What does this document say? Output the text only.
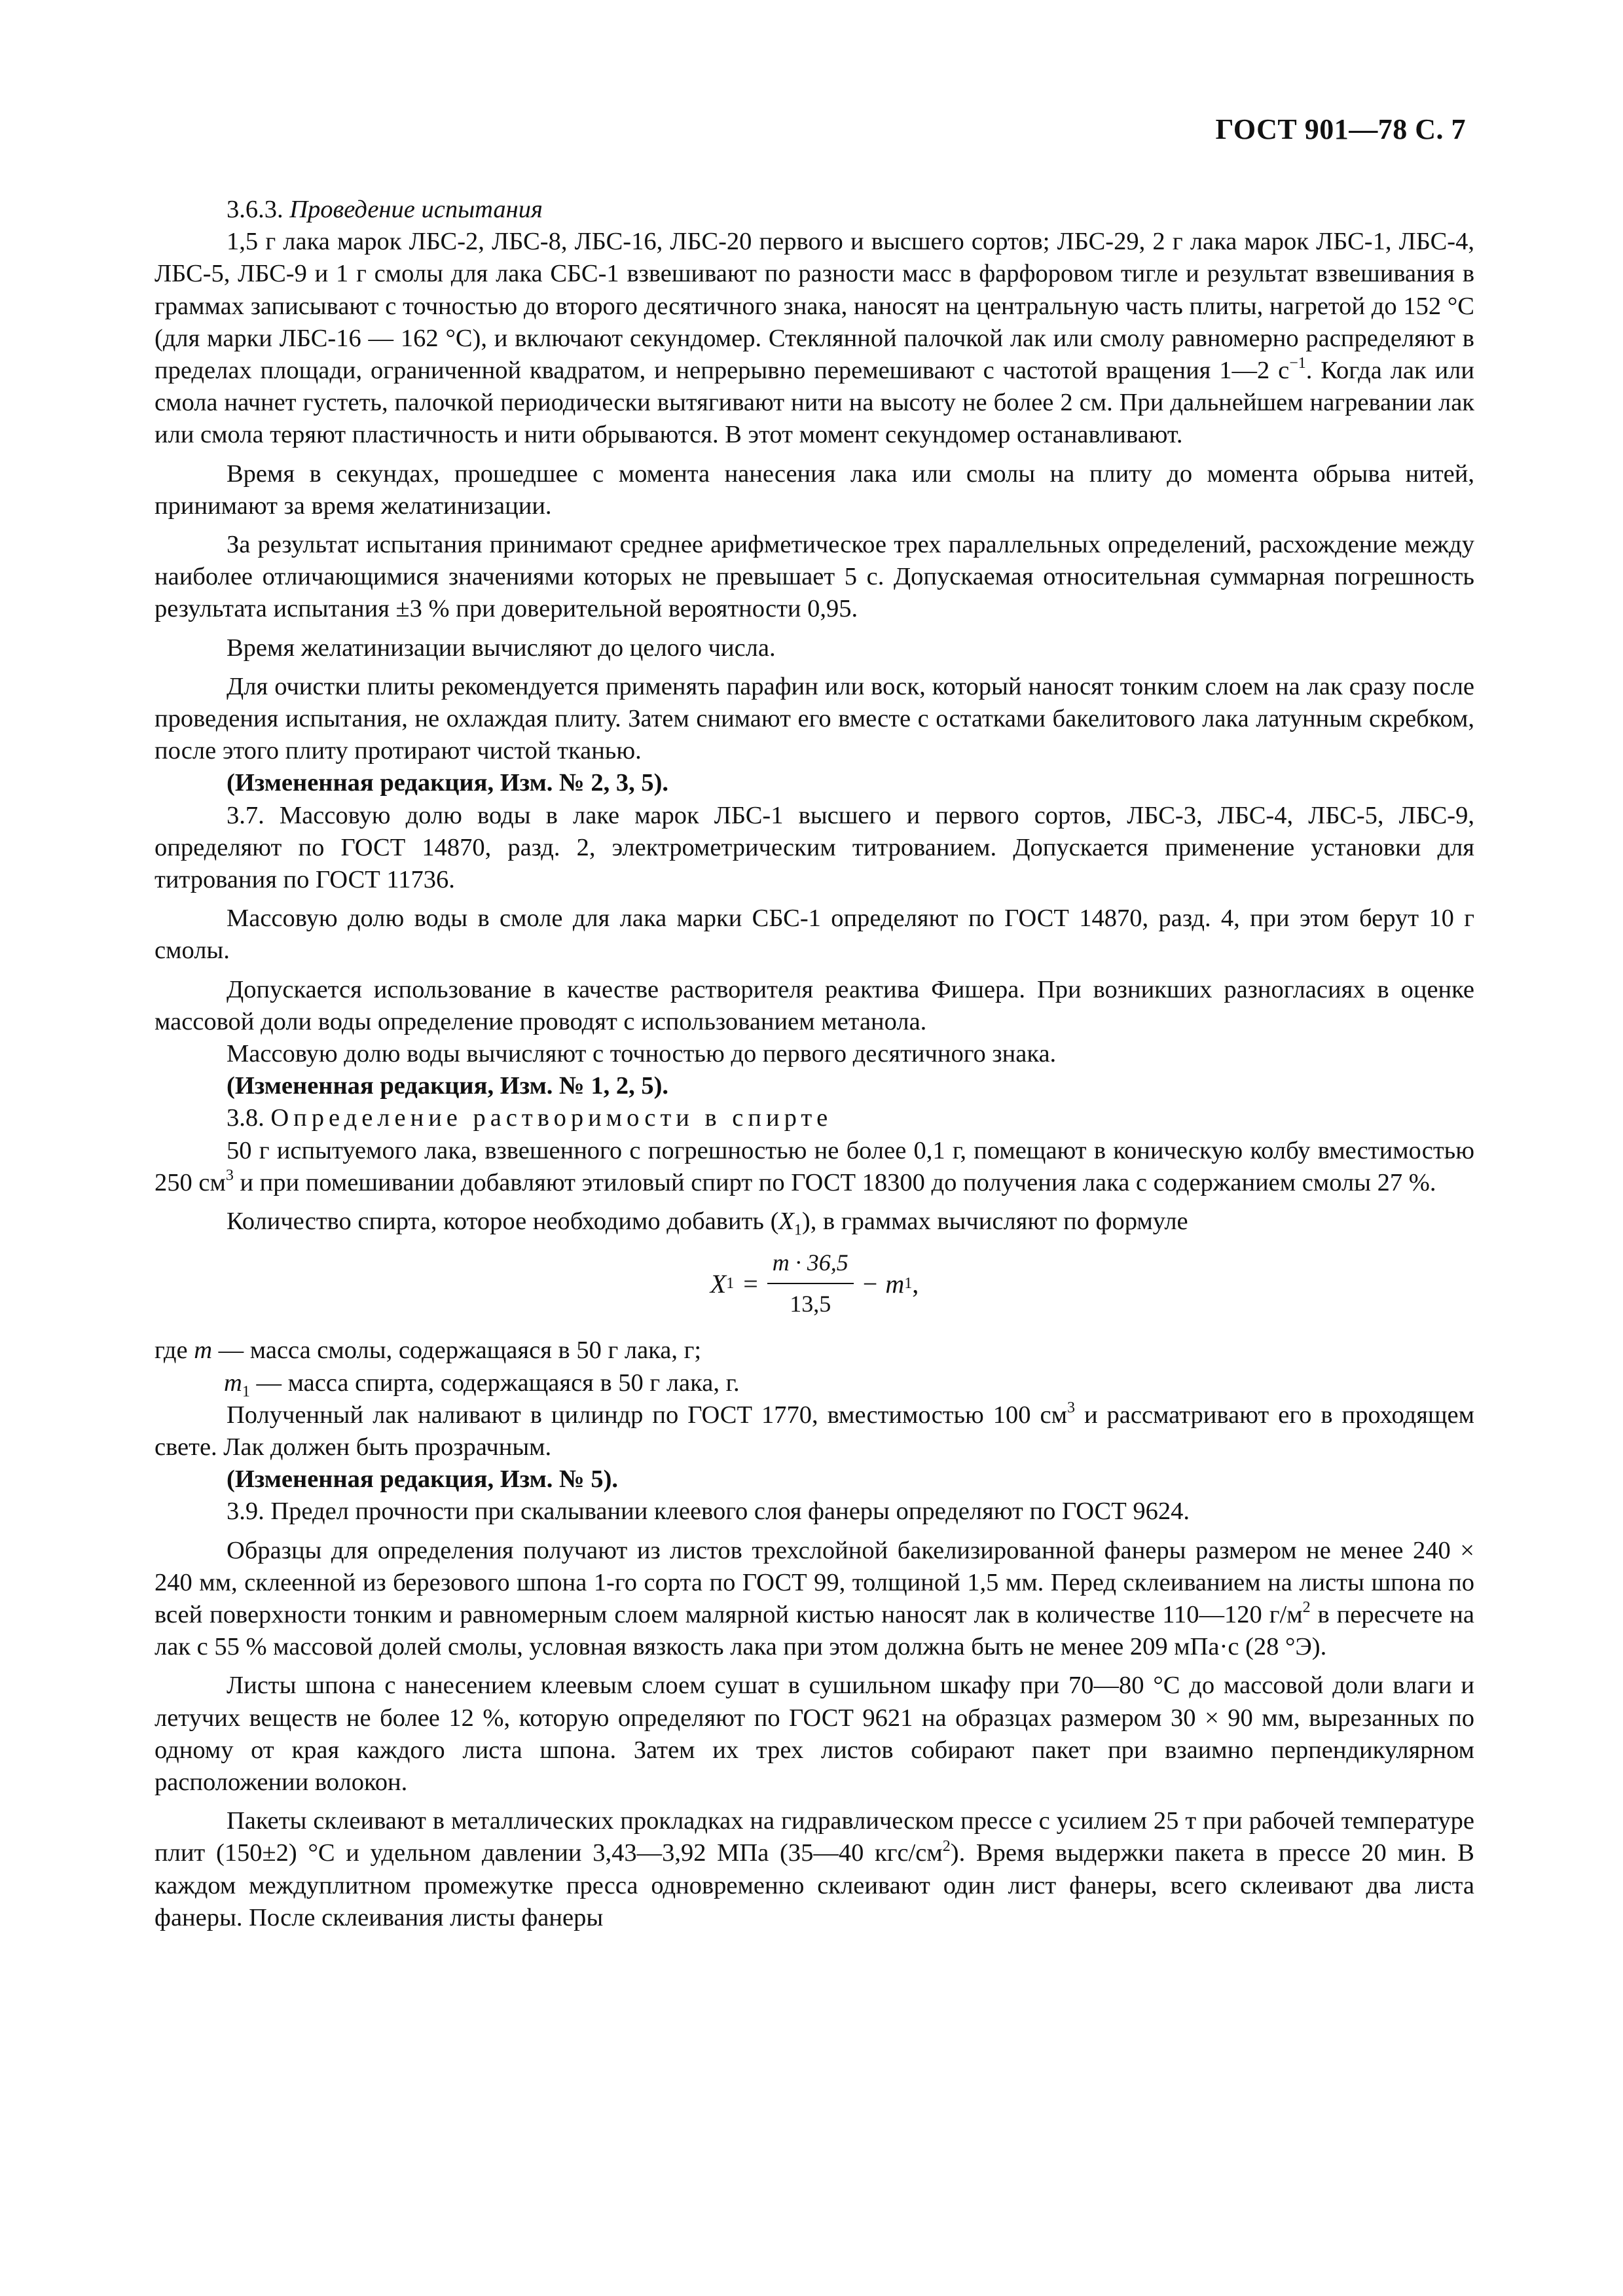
ГОСТ 901—78 С. 7

3.6.3. Проведение испытания

1,5 г лака марок ЛБС-2, ЛБС-8, ЛБС-16, ЛБС-20 первого и высшего сортов; ЛБС-29, 2 г лака марок ЛБС-1, ЛБС-4, ЛБС-5, ЛБС-9 и 1 г смолы для лака СБС-1 взвешивают по разности масс в фарфоровом тигле и результат взвешивания в граммах записывают с точностью до второго десятичного знака, наносят на центральную часть плиты, нагретой до 152 °С (для марки ЛБС-16 — 162 °С), и включают секундомер. Стеклянной палочкой лак или смолу равномерно распределяют в пределах площади, ограниченной квадратом, и непрерывно перемешивают с частотой вращения 1—2 $с^{-1}$. Когда лак или смола начнет густеть, палочкой периодически вытягивают нити на высоту не более 2 см. При дальнейшем нагревании лак или смола теряют пластичность и нити обрываются. В этот момент секундомер останавливают.

Время в секундах, прошедшее с момента нанесения лака или смолы на плиту до момента обрыва нитей, принимают за время желатинизации.

За результат испытания принимают среднее арифметическое трех параллельных определений, расхождение между наиболее отличающимися значениями которых не превышает 5 с. Допускаемая относительная суммарная погрешность результата испытания ±3 % при доверительной вероятности 0,95.

Время желатинизации вычисляют до целого числа.

Для очистки плиты рекомендуется применять парафин или воск, который наносят тонким слоем на лак сразу после проведения испытания, не охлаждая плиту. Затем снимают его вместе с остатками бакелитового лака латунным скребком, после этого плиту протирают чистой тканью.

(Измененная редакция, Изм. № 2, 3, 5).

3.7. Массовую долю воды в лаке марок ЛБС-1 высшего и первого сортов, ЛБС-3, ЛБС-4, ЛБС-5, ЛБС-9, определяют по ГОСТ 14870, разд. 2, электрометрическим титрованием. Допускается применение установки для титрования по ГОСТ 11736.

Массовую долю воды в смоле для лака марки СБС-1 определяют по ГОСТ 14870, разд. 4, при этом берут 10 г смолы.

Допускается использование в качестве растворителя реактива Фишера. При возникших разногласиях в оценке массовой доли воды определение проводят с использованием метанола.

Массовую долю воды вычисляют с точностью до первого десятичного знака.

(Измененная редакция, Изм. № 1, 2, 5).

3.8. Определение растворимости в спирте

50 г испытуемого лака, взвешенного с погрешностью не более 0,1 г, помещают в коническую колбу вместимостью 250 $см^3$ и при помешивании добавляют этиловый спирт по ГОСТ 18300 до получения лака с содержанием смолы 27 %.

Количество спирта, которое необходимо добавить $(X_1)$, в граммах вычисляют по формуле

X $1 = \frac{m \cdot 36,5}{13,5} - m$ 1 ,

где m — масса смолы, содержащаяся в 50 г лака, г;

$m_1$ — масса спирта, содержащаяся в 50 г лака, г.

Полученный лак наливают в цилиндр по ГОСТ 1770, вместимостью 100 $см^3$ и рассматривают его в проходящем свете. Лак должен быть прозрачным.

(Измененная редакция, Изм. № 5).

3.9. Предел прочности при скалывании клеевого слоя фанеры определяют по ГОСТ 9624.

Образцы для определения получают из листов трехслойной бакелизированной фанеры размером не менее 240 × 240 мм, склеенной из березового шпона 1-го сорта по ГОСТ 99, толщиной 1,5 мм. Перед склеиванием на листы шпона по всей поверхности тонким и равномерным слоем малярной кистью наносят лак в количестве 110—120 $г/м^2$ в пересчете на лак с 55 % массовой долей смолы, условная вязкость лака при этом должна быть не менее 209 мПа·с (28 °Э).

Листы шпона с нанесением клеевым слоем сушат в сушильном шкафу при 70—80 °С до массовой доли влаги и летучих веществ не более 12 %, которую определяют по ГОСТ 9621 на образцах размером 30 × 90 мм, вырезанных по одному от края каждого листа шпона. Затем их трех листов собирают пакет при взаимно перпендикулярном расположении волокон.

Пакеты склеивают в металлических прокладках на гидравлическом прессе с усилием 25 т при рабочей температуре плит (150±2) °С и удельном давлении 3,43—3,92 МПа (35—40 кгс/$см^2$). Время выдержки пакета в прессе 20 мин. В каждом междуплитном промежутке пресса одновременно склеивают один лист фанеры, всего склеивают два листа фанеры. После склеивания листы фанеры
